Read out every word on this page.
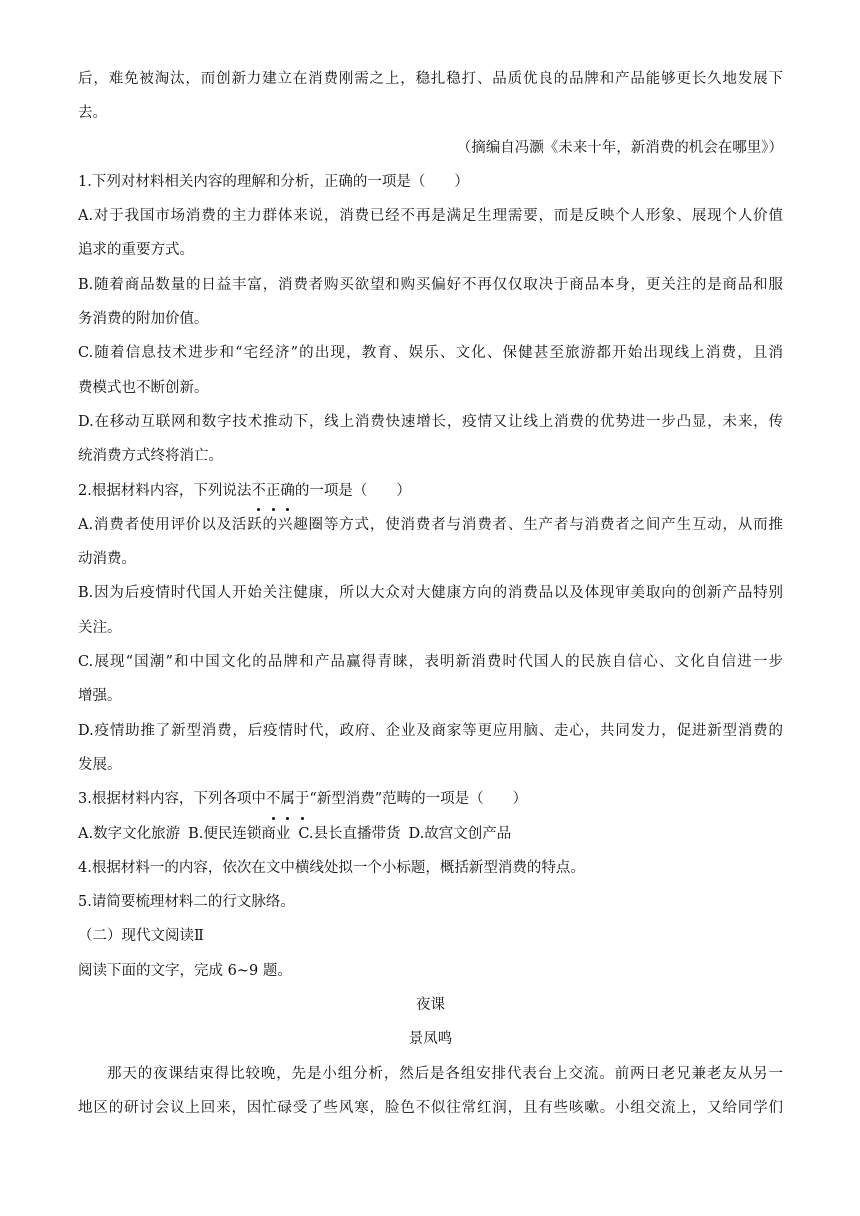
后，难免被淘汰，而创新力建立在消费刚需之上，稳扎稳打、品质优良的品牌和产品能够更长久地发展下
去。
（摘编自冯灏《未来十年，新消费的机会在哪里》）
1.下列对材料相关内容的理解和分析，正确的一项是（　　）
A.对于我国市场消费的主力群体来说，消费已经不再是满足生理需要，而是反映个人形象、展现个人价值
追求的重要方式。
B.随着商品数量的日益丰富，消费者购买欲望和购买偏好不再仅仅取决于商品本身，更关注的是商品和服
务消费的附加价值。
C.随着信息技术进步和“宅经济”的出现，教育、娱乐、文化、保健甚至旅游都开始出现线上消费，且消
费模式也不断创新。
D.在移动互联网和数字技术推动下，线上消费快速增长，疫情又让线上消费的优势进一步凸显，未来，传
统消费方式终将消亡。
2.根据材料内容，下列说法不正确的一项是（　　）
A.消费者使用评价以及活跃的兴趣圈等方式，使消费者与消费者、生产者与消费者之间产生互动，从而推
动消费。
B.因为后疫情时代国人开始关注健康，所以大众对大健康方向的消费品以及体现审美取向的创新产品特别
关注。
C.展现“国潮”和中国文化的品牌和产品赢得青睐，表明新消费时代国人的民族自信心、文化自信进一步
增强。
D.疫情助推了新型消费，后疫情时代，政府、企业及商家等更应用脑、走心，共同发力，促进新型消费的
发展。
3.根据材料内容，下列各项中不属于“新型消费”范畴的一项是（　　）
A.数字文化旅游 B.便民连锁商业 C.县长直播带货 D.故宫文创产品
4.根据材料一的内容，依次在文中横线处拟一个小标题，概括新型消费的特点。
5.请简要梳理材料二的行文脉络。
（二）现代文阅读Ⅱ
阅读下面的文字，完成 6~9 题。
夜课
景凤鸣
那天的夜课结束得比较晚，先是小组分析，然后是各组安排代表台上交流。前两日老兄兼老友从另一
地区的研讨会议上回来，因忙碌受了些风寒，脸色不似往常红润，且有些咳嗽。小组交流上，又给同学们
